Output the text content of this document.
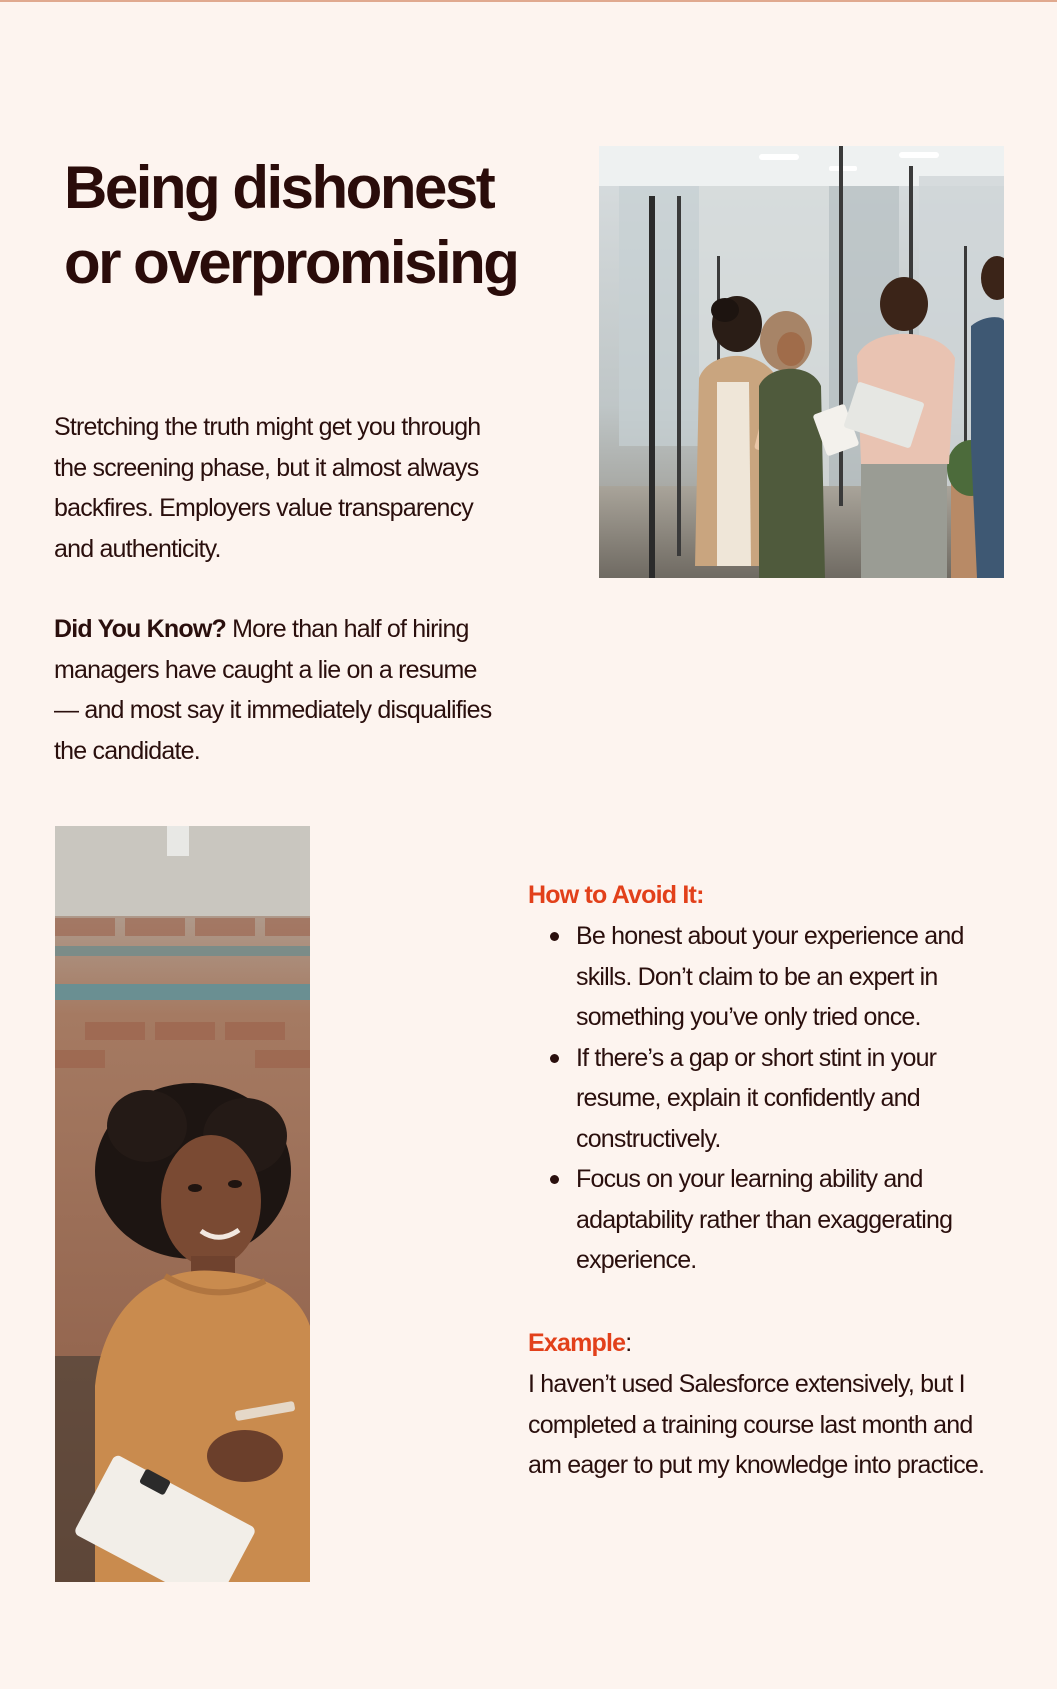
Being dishonest
or overpromising

Stretching the truth might get you through the screening phase, but it almost always backfires. Employers value transparency and authenticity.

Did You Know? More than half of hiring managers have caught a lie on a resume — and most say it immediately disqualifies the candidate.

How to Avoid It:

Be honest about your experience and skills. Don’t claim to be an expert in something you’ve only tried once.
If there’s a gap or short stint in your resume, explain it confidently and constructively.
Focus on your learning ability and adaptability rather than exaggerating experience.

Example:

I haven’t used Salesforce extensively, but I completed a training course last month and am eager to put my knowledge into practice.
